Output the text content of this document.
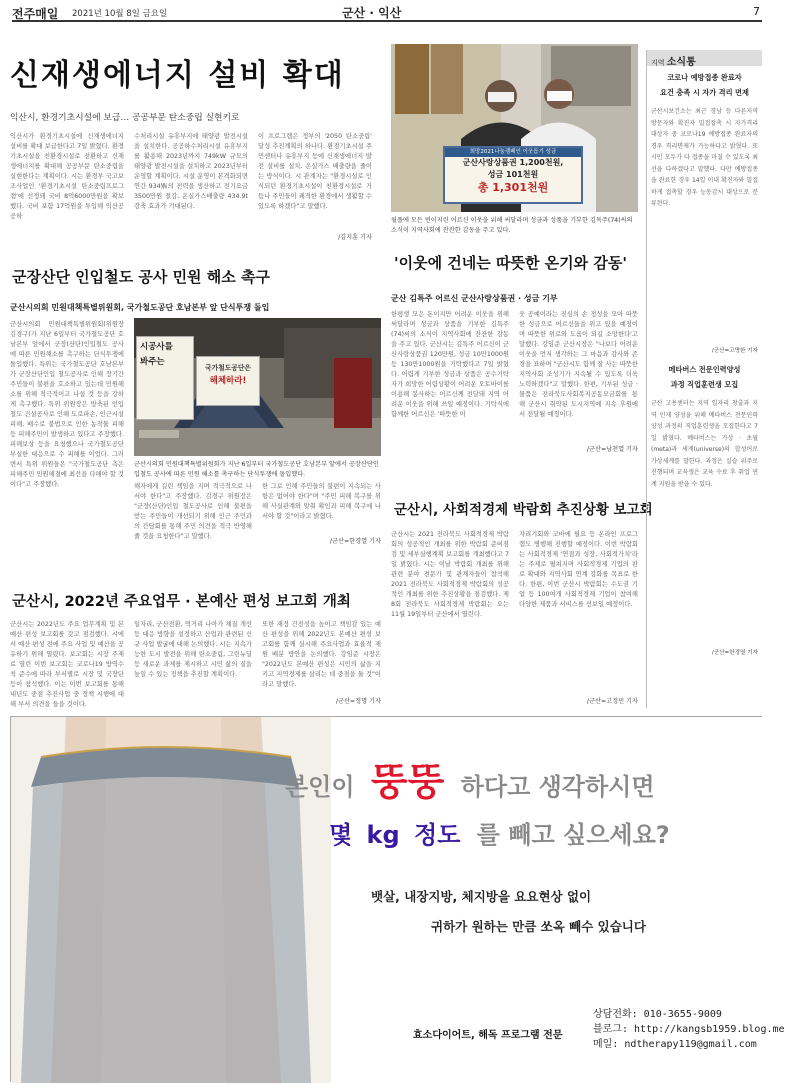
전주매일 2021년 10월 8일 금요일	군산 · 익산	7
신재생에너지 설비 확대
익산시, 환경기초시설에 보급… 공공부문 탄소중립 실현키로
익산시가 환경기초시설에 신재생에너지 설비를 확대 보급한다고 7일 밝혔다. 환경기초시설을 친환경시설로 전환하고 신재생에너지를 확대해 공공부문 탄소중립을 실현한다는 계획이다. 시는 환경부 국고보조사업인 '환경기초시설 탄소중립프로그램'에 선정돼 국비 8억6000만원을 확보했다. 국비 포함 17억원을 투입해 익산공공하
수처리시설 유휴부지에 태양광 발전시설을 설치한다. 공공하수처리시설 유휴부지를 활용해 2023년까지 749kW 규모의 태양광 발전시설을 설치하고 2023년부터 운영할 계획이다. 시설 운영이 본격화되면 연간 934㎿의 전력을 생산하고 전기요금 3500만원 절감, 온실가스배출량 434.9t 감축 효과가 기대된다.
이 프로그램은 정부의 '2050 탄소중립' 달성 추진계획의 하나다. 환경기초시설 주민센터나 유휴부지 등에 신재생에너지 발전 설비를 설치, 온실가스 배출량을 줄이는 방식이다. 시 관계자는 "환경시설로 인식되던 환경기초시설이 친환경시설로 거듭나 주민들이 쾌적한 환경에서 생활할 수 있도록 하겠다"고 말했다.
/김지훈 기자
희망2021나눔캠페인 이웃돕기 성금
군산사랑상품권 1,200천원,
성금 101천원
총 1,301천원
월플에 모든 빈이지린 어르신 이웃을 위해 써달라며 성금과 성품을 기부한 김독주(74)씨의 소식이 지역사회에 잔잔한 감동을 주고 있다.
'이웃에 건네는 따뜻한 온기와 감동'
군산 김특주 어르신 군산사랑상품권 · 성금 기부
한평생 모은 돈이지만 어려운 이웃을 위해 써달라며 성금과 상품을 기부한 김특주(74)씨의 소식이 지역사회에 잔잔한 감동을 주고 있다. 군산시는 김특주 어르신이 군산사랑상품권 120만원, 성금 10만1000원 등 130만1000원을 기탁했다고 7일 밝혔다. 어렵게 기부한 성금과 상품은 공수기탁자가 희망한 어렵상황이 어려운 오토바이를 이용해 봉사하는 어르신께 전달돼 지역 어려운 이웃을 위해 쓰일 예정이다. 기탁식에 함께한 어르신은 '따뜻한 이
웃 공예이라는 진심의 손 정성을 모아 따뜻한 성금으로 어르신들을 위고 있을 예정이며 따뜻한 위로와 도움이 되길 소망한다'고 말했다. 강임준 군산시장은 "나보다 어려운 이웃을 먼저 생각하는 그 마음과 감사와 존경을 표하며 "군산시도 함께 잘 사는 따뜻한 지역사회 조성기가 지속될 수 있도록 더욱 노력하겠다"고 말했다. 한편, 기부된 성금 · 물품은 전라북도사회복지공동모금회를 통해 군산시 취약된 도시지역에 지속 후원에서 전달될 예정이다.
/군산=남천열 기자
군장산단 인입철도 공사 민원 해소 촉구
군산시의회 민원대책특별위원회, 국가철도공단 호남본부 앞 단식투쟁 돌입
군산시의회 민원대책특별위원회(위원장 김경구)가 지난 6일부터 국가철도공단 호남본부 앞에서 군장(산단)인입철도 공사에 따른 민원해소를 촉구하는 단식투쟁에 돌입했다. 특위는 국가철도공단 호남본부가 군장산단인입 철도공사로 인해 장기간 주민들이 불편을 호소하고 있는데 민원해소를 위해 적극적이고 나설 것 등을 강하게 촉구했다. 특위 위원장은 방축된 인입철도 건설공사로 인해 도로파손, 인근시설 피해, 배수로 불법으로 인한 농작물 피해 등 피해주민이 발생하고 있다고 주장했다. 피해보상 등을 요청했으나 국가철도공단 부실한 대응으로 수 피해를 이었다. 그러면서 특위 위원들은 "국가철도공단 측은 피해주민 민원해결에 최선을 다해야 할 것이다"고 주장했다.
시공사를
봐주는
국가철도공단은
해체하라!
군산시의회 민원대책특별위원회가 지난 6일부터 국가철도공단 호남본부 앞에서 공장산단인입철도 공사에 따른 민원 해소를 촉구하는 단식투쟁에 돌입했다.
해자에게 길린 책임을 지며 적극적으로 나서야 한다"고 주장했다. 김경구 위원장은 "군장(산단)인입 철도공사로 인해 불편을 받는 주민들이 개선되기 위해 인근 주민과의 간담회를 통해 주민 의견을 적극 반영해 줄 것을 요청한다"고 말했다.
한 그로 인해 주민들의 불편이 지속되는 사항은 없어야 한다"며 "주민 피해 복구를 위해 사실관계와 맞춰 확인과 피해 복구에 나서야 할 것"이라고 밝혔다.
/군산=한경열 기자
군산시, 2022년 주요업무 · 본예산 편성 보고회 개최
군산시는 2022년도 주요 업무계획 및 본예산 편성 보고회를 갖고 점검했다. 시에서 예산 편성 전에 주요 사업 및 예산을 공유하기 위해 열렸다. 보고회는 시장 주재로 열린 이번 보고회는 코로나19 방역수칙 준수에 따라 부서별로 시장 및 국장단 등이 참석했다. 이는 이번 보고회를 통해 내년도 중점 추진사업 중 정책 시행에 대해 부서 의견을 들을 것이다.
일자리, 군산전환, 먹거리 나아가 체질 개선 등 대응 방향을 설정하고 산업과 관련된 신규 사업 발굴에 대해 논의했다. 시는 지속가능한 도시 발전을 위해 탄소중립, 그린뉴딜 등 새로운 과제를 제시하고 시민 삶의 질을 높일 수 있는 정책을 추진할 계획이다.
또한 재정 건전성을 높이고 책임감 있는 예산 편성을 위해 2022년도 본예산 편성 보고회를 함께 실시해 주요사업과 효율적 재원 배분 방안을 논의했다. 강임준 시장은 "2022년도 본예산 편성은 시민의 삶을 지키고 지역경제를 살리는 데 중점을 둘 것"이라고 말했다.
/군산=정명 기자
군산시, 사회적경제 박람회 추진상황 보고회
군산시는 2021 전라북도 사회적경제 박람회의 성공적인 개최를 위한 박람회 준비점검 및 세부실행계획 보고회를 개최했다고 7일 밝혔다. 시는 이날 박람회 개최를 위해 관련 분야 전문가 및 관계자들이 참석해 2021 전라북도 사회적경제 박람회의 성공적인 개최를 위한 추진상황을 점검했다. 제8회 전라북도 사회적경제 박람회는 오는 11월 19일부터 군산에서 열린다.
자리기회와 코바에 필요 등 온라인 프로그램도 병행해 진행할 예정이다. 이번 박람회는 사회적경제 '연결과 성장, 사회적가치'라는 주제로 펼쳐지며 사회적경제 기업의 판로 확대와 지역사회 연계 강화를 목표로 한다. 한편, 이번 군산시 박람회는 수도권 기업 등 100여개 사회적경제 기업이 참여해 다양한 제품과 서비스를 선보일 예정이다.
/군산=고정민 기자
지역 소식통
코로나 예방접종 완료자
요건 충족 시 자가 격리 면제
군산시보건소는 최근 경남 등 다른지역 방문자와 확진자 밀접접촉 시 자가격리 대상자 중 코로나19 예방접종 완료자의 경우 격리면제가 가능하다고 밝혔다. 또 시민 모두가 다 접종을 마칠 수 있도록 최선을 다하겠다고 말했다. 다만 예방접종을 완료한 경우 14일 이내 확진자와 밀접하게 접촉할 경우 능동감시 대상으로 분류된다.
/군산=고명한 기자
메타버스 전문인력양성
과정 직업훈련생 모집
군산 고용센터는 지역 일자리 창출과 지역 인재 양성을 위해 메타버스 전문인력양성 과정의 직업훈련생을 모집한다고 7일 밝혔다. 메타버스는 가상 · 초월(meta)과 세계(universe)의 합성어로 가상세계를 말한다. 과정은 실습 위주로 진행되며 교육생은 교육 수료 후 취업 연계 지원을 받을 수 있다.
/군산=한경열 기자
본인이 뚱뚱 하다고 생각하시면
몇 kg 정도 를 빼고 싶으세요?
뱃살, 내장지방, 체지방을 요요현상 없이
귀하가 원하는 만큼 쏘옥 빼수 있습니다
효소다이어트, 해독 프로그램 전문
상담전화: 010-3655-9009
블로그: http://kangsb1959.blog.me
메일: ndtherapy119@gmail.com
